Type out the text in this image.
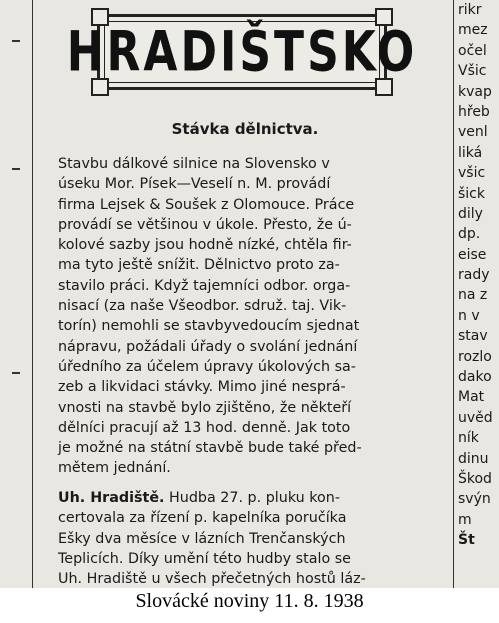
HRADIŠTSKO
Stávka dělnictva.
Stavbu dálkové silnice na Slovensko v
úseku Mor. Písek—Veselí n. M. provádí
firma Lejsek & Soušek z Olomouce. Práce
provádí se většinou v úkole. Přesto, že ú-
kolové sazby jsou hodně nízké, chtěla fir-
ma tyto ještě snížit. Dělnictvo proto za-
stavilo práci. Když tajemníci odbor. orga-
nisací (za naše Všeodbor. sdruž. taj. Vik-
torín) nemohli se stavbyvedoucím sjednat
nápravu, požádali úřady o svolání jednání
úředního za účelem úpravy úkolových sa-
zeb a likvidaci stávky. Mimo jiné nesprá-
vnosti na stavbě bylo zjištěno, že někteří
dělníci pracují až 13 hod. denně. Jak toto
je možné na státní stavbě bude také před-
mětem jednání.
Uh. Hradiště. Hudba 27. p. pluku kon-
certovala za řízení p. kapelníka poručíka
Ešky dva měsíce v lázních Trenčanských
Teplicích. Díky umění této hudby stalo se
Uh. Hradiště u všech přečetných hostů láz-
rikr
mez
očel
Všic
kvap
hřeb
venl
liká
všic
šick
dily
dp.
eise
rady
na z
n v
stav
rozlo
dako
Mat
uvěd
ník
dinu
Škod
svýn
m
Št
Slovácké noviny 11. 8. 1938
